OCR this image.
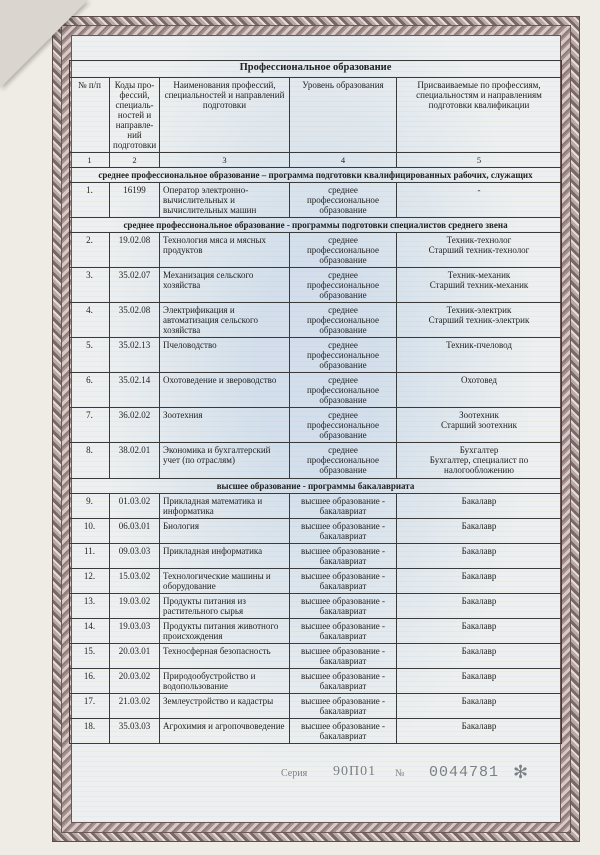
Профессиональное образование				
№ п/п	Коды про-фессий, специаль-ностей и направле-ний подготовки	Наименования профессий, специальностей и направлений подготовки	Уровень образования	Присваиваемые по профессиям, специальностям и направлениям подготовки квалификации
1	2	3	4	5
среднее профессиональное образование – программа подготовки квалифицированных рабочих, служащих				
1.	16199	Оператор электронно-вычислительных и вычислительных машин	среднее профессиональное образование	-

среднее профессиональное образование - программы подготовки специалистов среднего звена				
2.	19.02.08	Технология мяса и мясных продуктов	среднее профессиональное образование	Техник-технолог
Старший техник-технолог

3.	35.02.07	Механизация сельского хозяйства	среднее профессиональное образование	Техник-механик
Старший техник-механик

4.	35.02.08	Электрификация и автоматизация сельского хозяйства	среднее профессиональное образование	Техник-электрик
Старший техник-электрик

5.	35.02.13	Пчеловодство	среднее профессиональное образование	Техник-пчеловод

6.	35.02.14	Охотоведение и звероводство	среднее профессиональное образование	Охотовед

7.	36.02.02	Зоотехния	среднее профессиональное образование	Зоотехник
Старший зоотехник

8.	38.02.01	Экономика и бухгалтерский учет (по отраслям)	среднее профессиональное образование	Бухгалтер
Бухгалтер, специалист по налогообложению

высшее образование - программы бакалавриата				
9.	01.03.02	Прикладная математика и информатика	высшее образование - бакалавриат	Бакалавр

10.	06.03.01	Биология	высшее образование - бакалавриат	Бакалавр

11.	09.03.03	Прикладная информатика	высшее образование - бакалавриат	Бакалавр

12.	15.03.02	Технологические машины и оборудование	высшее образование - бакалавриат	Бакалавр

13.	19.03.02	Продукты питания из растительного сырья	высшее образование - бакалавриат	Бакалавр

14.	19.03.03	Продукты питания животного происхождения	высшее образование - бакалавриат	Бакалавр

15.	20.03.01	Техносферная безопасность	высшее образование - бакалавриат	Бакалавр

16.	20.03.02	Природообустройство и водопользование	высшее образование - бакалавриат	Бакалавр

17.	21.03.02	Землеустройство и кадастры	высшее образование - бакалавриат	Бакалавр

18.	35.03.03	Агрохимия и агропочвоведение	высшее образование - бакалавриат	Бакалавр
Серия 90П01 № 0044781 ✻
